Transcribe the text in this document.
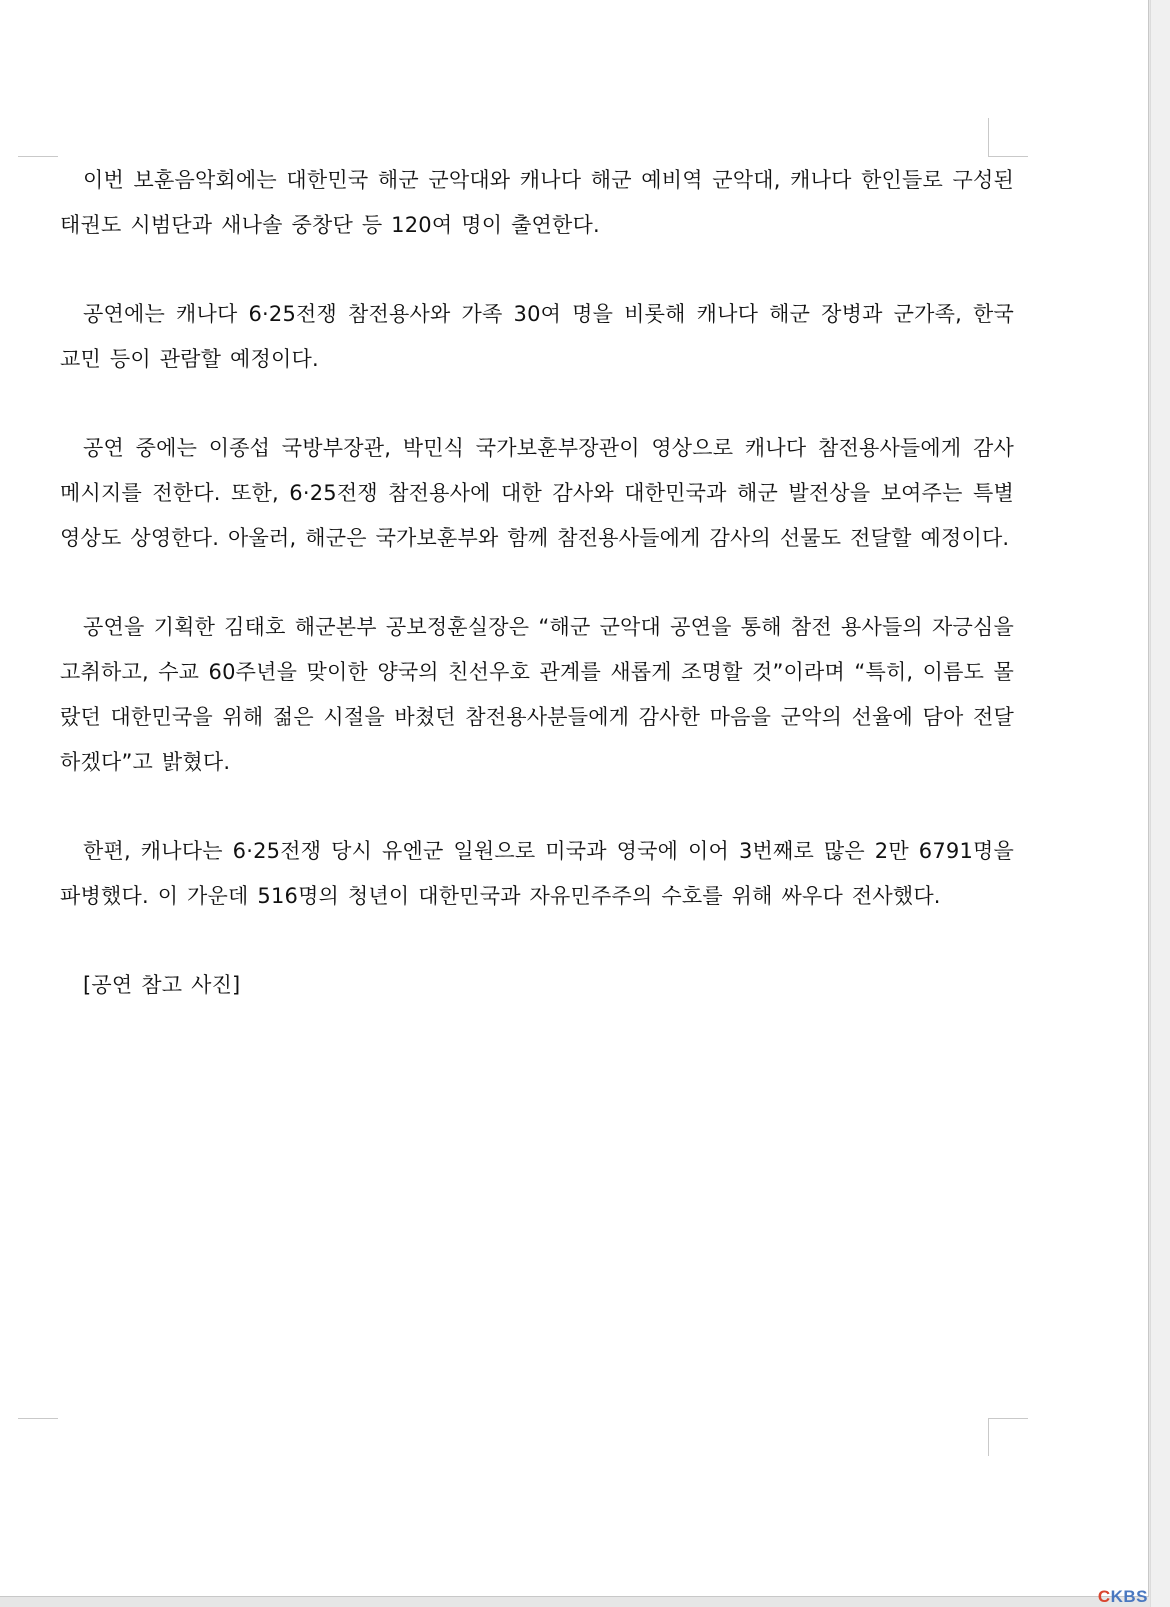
이번 보훈음악회에는 대한민국 해군 군악대와 캐나다 해군 예비역 군악대, 캐나다 한인들로 구성된 태권도 시범단과 새나솔 중창단 등 120여 명이 출연한다.

공연에는 캐나다 6·25전쟁 참전용사와 가족 30여 명을 비롯해 캐나다 해군 장병과 군가족, 한국 교민 등이 관람할 예정이다.

공연 중에는 이종섭 국방부장관, 박민식 국가보훈부장관이 영상으로 캐나다 참전용사들에게 감사 메시지를 전한다. 또한, 6·25전쟁 참전용사에 대한 감사와 대한민국과 해군 발전상을 보여주는 특별영상도 상영한다. 아울러, 해군은 국가보훈부와 함께 참전용사들에게 감사의 선물도 전달할 예정이다.

공연을 기획한 김태호 해군본부 공보정훈실장은 “해군 군악대 공연을 통해 참전 용사들의 자긍심을 고취하고, 수교 60주년을 맞이한 양국의 친선우호 관계를 새롭게 조명할 것”이라며 “특히, 이름도 몰랐던 대한민국을 위해 젊은 시절을 바쳤던 참전용사분들에게 감사한 마음을 군악의 선율에 담아 전달하겠다”고 밝혔다.

한편, 캐나다는 6·25전쟁 당시 유엔군 일원으로 미국과 영국에 이어 3번째로 많은 2만 6791명을 파병했다. 이 가운데 516명의 청년이 대한민국과 자유민주주의 수호를 위해 싸우다 전사했다.

[공연 참고 사진]

CKBS
